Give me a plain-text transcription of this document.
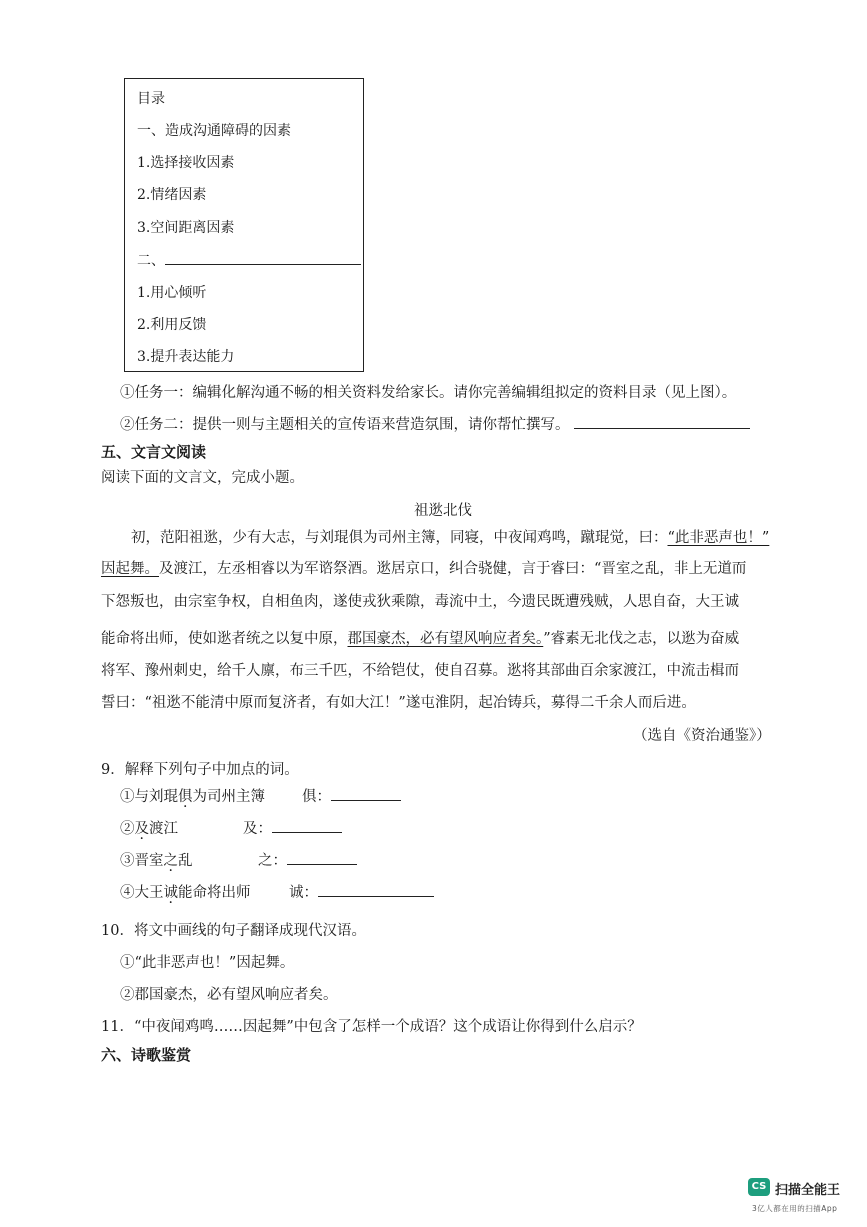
目录
一、造成沟通障碍的因素
1.选择接收因素
2.情绪因素
3.空间距离因素
二、
1.用心倾听
2.利用反馈
3.提升表达能力
①任务一：编辑化解沟通不畅的相关资料发给家长。请你完善编辑组拟定的资料目录（见上图）。
②任务二：提供一则与主题相关的宣传语来营造氛围，请你帮忙撰写。
五、文言文阅读
阅读下面的文言文，完成小题。
祖逖北伐
初，范阳祖逖，少有大志，与刘琨俱为司州主簿，同寝，中夜闻鸡鸣，蹴琨觉，曰：“此非恶声也！”
因起舞。及渡江，左丞相睿以为军谘祭酒。逖居京口，纠合骁健，言于睿曰：“晋室之乱，非上无道而
下怨叛也，由宗室争权，自相鱼肉，遂使戎狄乘隙，毒流中土，今遗民既遭残贼，人思自奋，大王诚
能命将出师，使如逖者统之以复中原，郡国豪杰，必有望风响应者矣。”睿素无北伐之志，以逖为奋威
将军、豫州刺史，给千人廪，布三千匹，不给铠仗，使自召募。逖将其部曲百余家渡江，中流击楫而
誓曰：“祖逖不能清中原而复济者，有如大江！”遂屯淮阴，起冶铸兵，募得二千余人而后进。
（选自《资治通鉴》）
9．解释下列句子中加点的词。
①与刘琨俱为司州主簿	俱：
②及渡江	及：
③晋室之乱	之：
④大王诚能命将出师	诚：
10．将文中画线的句子翻译成现代汉语。
①“此非恶声也！”因起舞。
②郡国豪杰，必有望风响应者矣。
11．“中夜闻鸡鸣……因起舞”中包含了怎样一个成语？这个成语让你得到什么启示？
六、诗歌鉴赏
CS 扫描全能王
3亿人都在用的扫描App
